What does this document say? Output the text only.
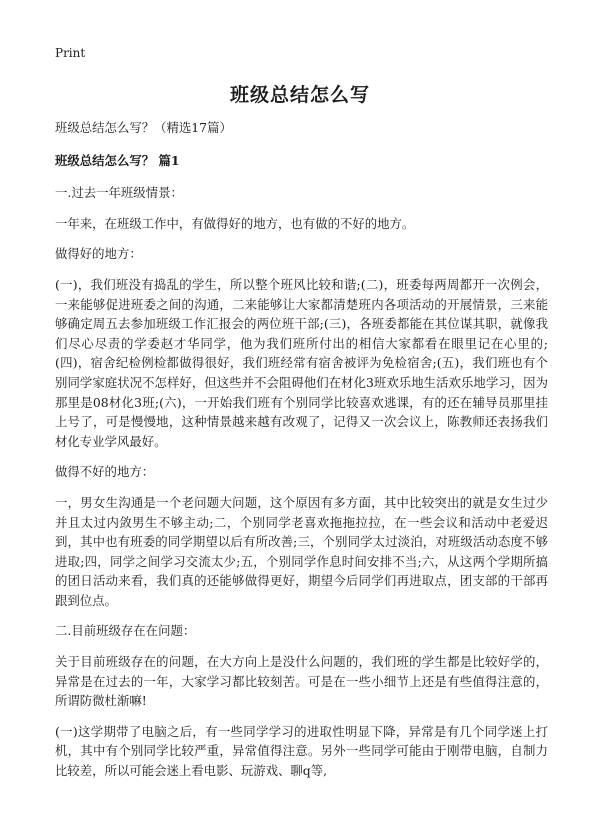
Print
班级总结怎么写

班级总结怎么写？（精选17篇）

班级总结怎么写？ 篇1

一.过去一年班级情景：

一年来，在班级工作中，有做得好的地方，也有做的不好的地方。

做得好的地方：

(一)，我们班没有捣乱的学生，所以整个班风比较和谐;(二)，班委每两周都开一次例会，一来能够促进班委之间的沟通，二来能够让大家都清楚班内各项活动的开展情景，三来能够确定周五去参加班级工作汇报会的两位班干部;(三)，各班委都能在其位谋其职，就像我们尽心尽责的学委赵才华同学，他为我们班所付出的相信大家都看在眼里记在心里的;(四)，宿舍纪检例检都做得很好，我们班经常有宿舍被评为免检宿舍;(五)，我们班也有个别同学家庭状况不怎样好，但这些并不会阻碍他们在材化3班欢乐地生活欢乐地学习，因为那里是08材化3班;(六)，一开始我们班有个别同学比较喜欢逃课，有的还在辅导员那里挂上号了，可是慢慢地，这种情景越来越有改观了，记得又一次会议上，陈教师还表扬我们材化专业学风最好。

做得不好的地方：

一，男女生沟通是一个老问题大问题，这个原因有多方面，其中比较突出的就是女生过少并且太过内敛男生不够主动;二，个别同学老喜欢拖拖拉拉，在一些会议和活动中老爱迟到，其中也有班委的同学期望以后有所改善;三，个别同学太过淡泊，对班级活动态度不够进取;四，同学之间学习交流太少;五，个别同学作息时间安排不当;六，从这两个学期所搞的团日活动来看，我们真的还能够做得更好，期望今后同学们再进取点，团支部的干部再跟到位点。

二.目前班级存在在问题：

关于目前班级存在的问题，在大方向上是没什么问题的，我们班的学生都是比较好学的，异常是在过去的一年，大家学习都比较刻苦。可是在一些小细节上还是有些值得注意的，所谓防微杜渐嘛!

(一)这学期带了电脑之后，有一些同学学习的进取性明显下降，异常是有几个同学迷上打机，其中有个别同学比较严重，异常值得注意。另外一些同学可能由于刚带电脑，自制力比较差，所以可能会迷上看电影、玩游戏、聊q等,
